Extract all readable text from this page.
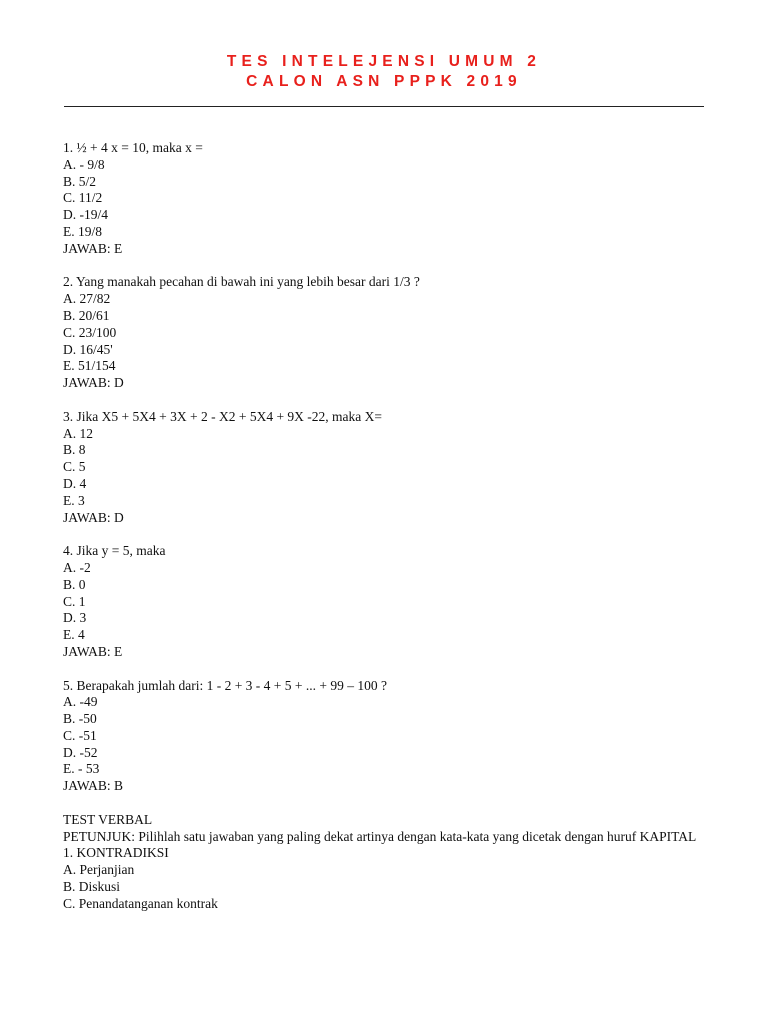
TES INTELEJENSI UMUM 2
CALON ASN PPPK 2019
1. ½ + 4 x = 10, maka x =
A. - 9/8
B. 5/2
C. 11/2
D. -19/4
E. 19/8
JAWAB: E
2. Yang manakah pecahan di bawah ini yang lebih besar dari 1/3 ?
A. 27/82
B. 20/61
C. 23/100
D. 16/45'
E. 51/154
JAWAB: D
3. Jika X5 + 5X4 + 3X + 2 - X2 + 5X4 + 9X -22, maka X=
A. 12
B. 8
C. 5
D. 4
E. 3
JAWAB: D
4. Jika y = 5, maka
A. -2
B. 0
C. 1
D. 3
E. 4
JAWAB: E
5. Berapakah jumlah dari: 1 - 2 + 3 - 4 + 5 + ... + 99 – 100 ?
A. -49
B. -50
C. -51
D. -52
E. - 53
JAWAB: B
TEST VERBAL
PETUNJUK: Pilihlah satu jawaban yang paling dekat artinya dengan kata-kata yang dicetak dengan huruf KAPITAL
1. KONTRADIKSI
A. Perjanjian
B. Diskusi
C. Penandatanganan kontrak
